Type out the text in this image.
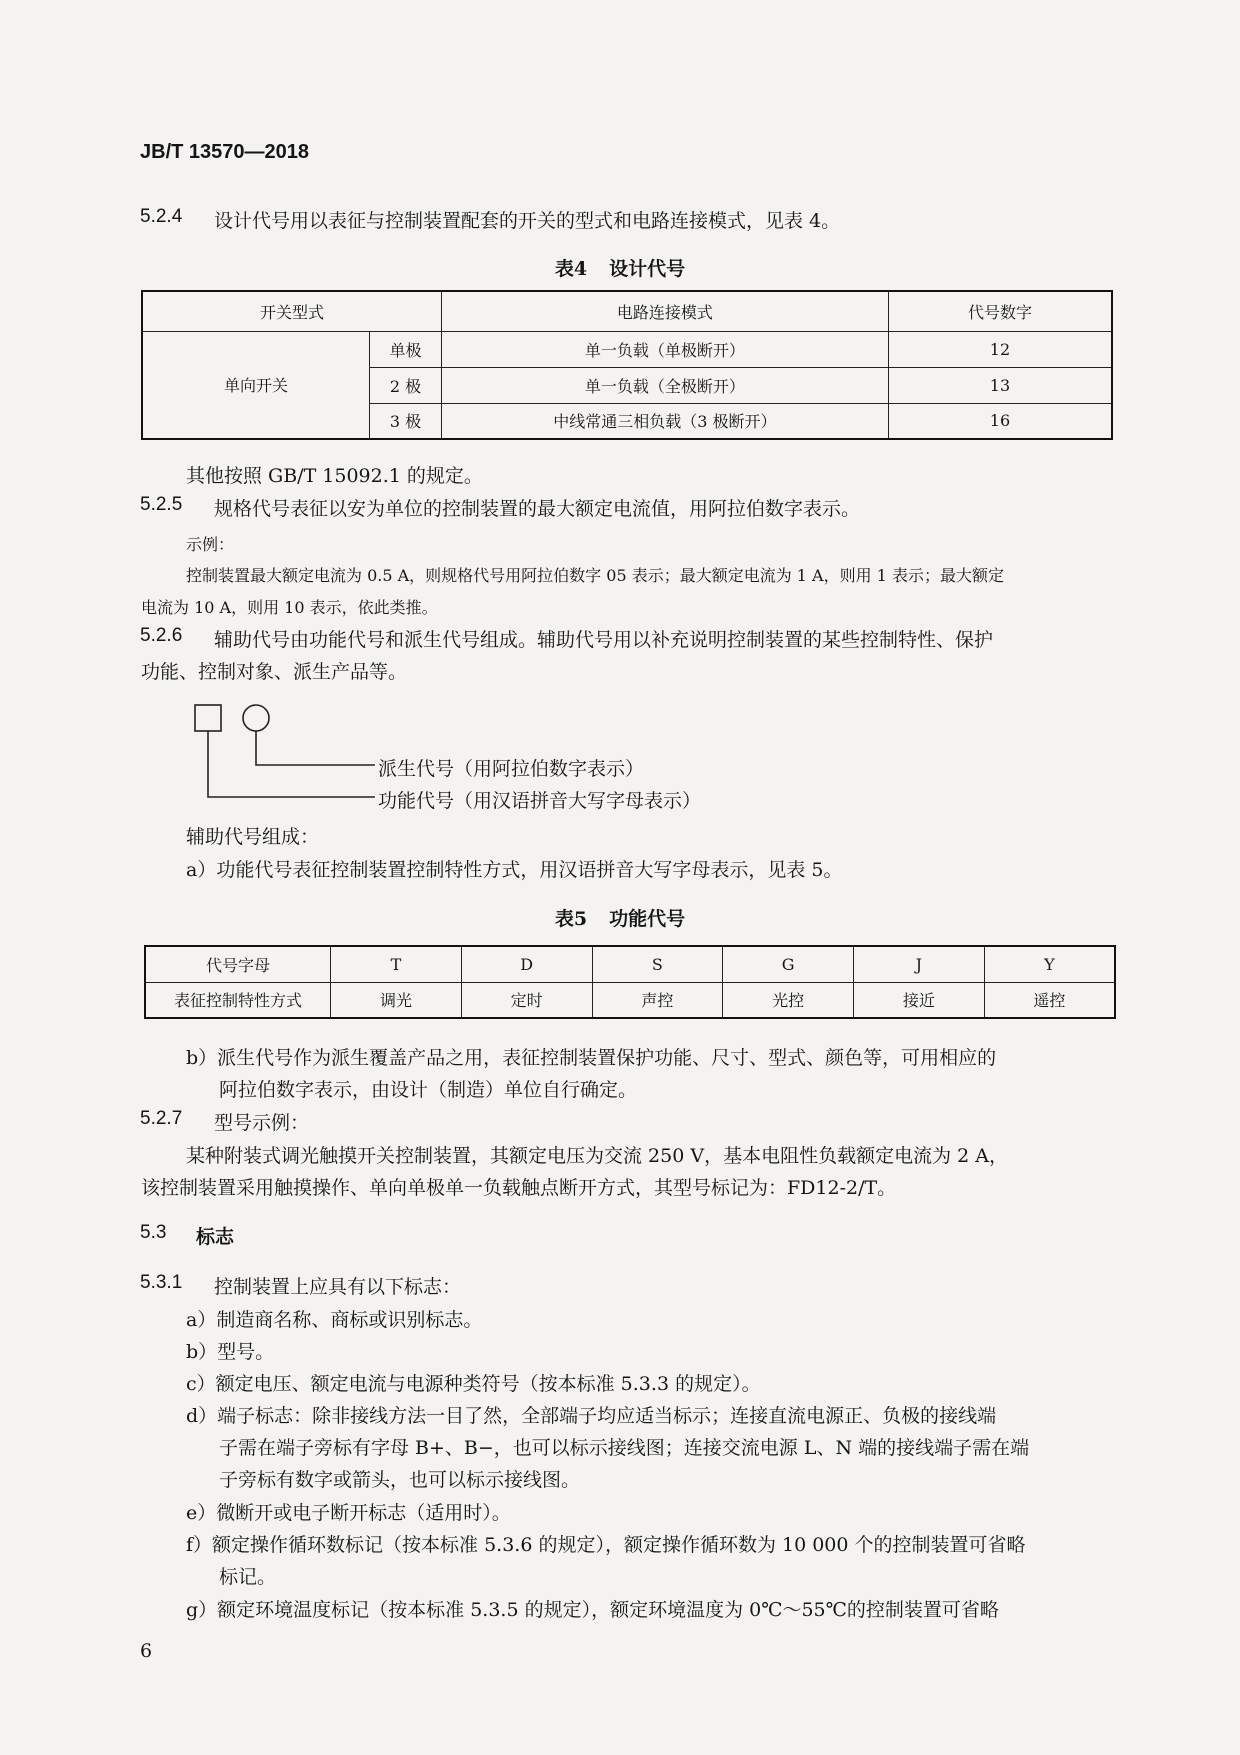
JB/T 13570—2018
5.2.4 设计代号用以表征与控制装置配套的开关的型式和电路连接模式，见表 4。
表4 设计代号
开关型式		电路连接模式	代号数字
单向开关	单极	单一负载（单极断开）	12
	2 极	单一负载（全极断开）	13
	3 极	中线常通三相负载（3 极断开）	16
其他按照 GB/T 15092.1 的规定。
5.2.5 规格代号表征以安为单位的控制装置的最大额定电流值，用阿拉伯数字表示。
示例：
控制装置最大额定电流为 0.5 A，则规格代号用阿拉伯数字 05 表示；最大额定电流为 1 A，则用 1 表示；最大额定
电流为 10 A，则用 10 表示，依此类推。
5.2.6 辅助代号由功能代号和派生代号组成。辅助代号用以补充说明控制装置的某些控制特性、保护
功能、控制对象、派生产品等。
派生代号（用阿拉伯数字表示）
功能代号（用汉语拼音大写字母表示）
辅助代号组成：
a）功能代号表征控制装置控制特性方式，用汉语拼音大写字母表示，见表 5。
表5 功能代号
代号字母	T	D	S	G	J	Y
表征控制特性方式	调光	定时	声控	光控	接近	遥控
b）派生代号作为派生覆盖产品之用，表征控制装置保护功能、尺寸、型式、颜色等，可用相应的
阿拉伯数字表示，由设计（制造）单位自行确定。
5.2.7 型号示例：
某种附装式调光触摸开关控制装置，其额定电压为交流 250 V，基本电阻性负载额定电流为 2 A，
该控制装置采用触摸操作、单向单极单一负载触点断开方式，其型号标记为：FD12-2/T。
5.3 标志
5.3.1 控制装置上应具有以下标志：
a）制造商名称、商标或识别标志。
b）型号。
c）额定电压、额定电流与电源种类符号（按本标准 5.3.3 的规定）。
d）端子标志：除非接线方法一目了然，全部端子均应适当标示；连接直流电源正、负极的接线端
子需在端子旁标有字母 B+、B−，也可以标示接线图；连接交流电源 L、N 端的接线端子需在端
子旁标有数字或箭头，也可以标示接线图。
e）微断开或电子断开标志（适用时）。
f）额定操作循环数标记（按本标准 5.3.6 的规定），额定操作循环数为 10 000 个的控制装置可省略
标记。
g）额定环境温度标记（按本标准 5.3.5 的规定），额定环境温度为 0℃～55℃的控制装置可省略
6
